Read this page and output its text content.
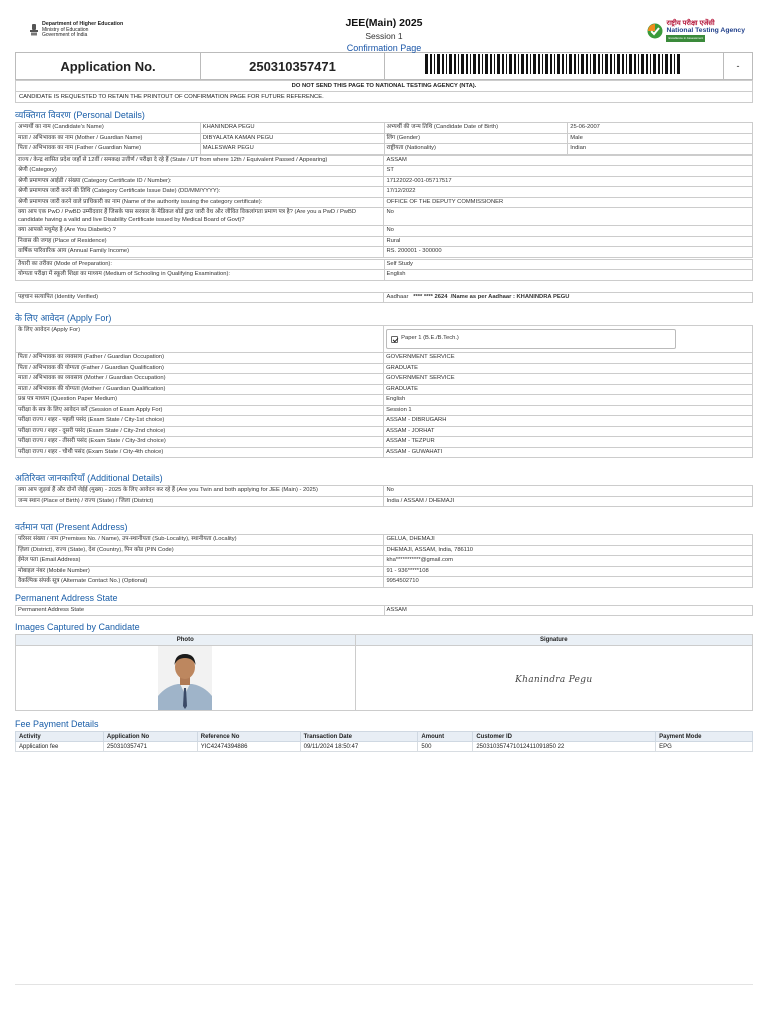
Department of Higher Education
Ministry of Education
Government of India
JEE(Main) 2025
Session 1
Confirmation Page
राष्ट्रीय परीक्षा एजेंसी
National Testing Agency
Excellence in Assessment
Application No.	250310357471		-
DO NOT SEND THIS PAGE TO NATIONAL TESTING AGENCY (NTA).
CANDIDATE IS REQUESTED TO RETAIN THE PRINTOUT OF CONFIRMATION PAGE FOR FUTURE REFERENCE.
व्यक्तिगत विवरण (Personal Details)
अभ्यर्थी का नाम (Candidate's Name)	KHANINDRA PEGU	अभ्यर्थी की जन्म तिथि (Candidate Date of Birth)	25-06-2007
माता / अभिभावक का नाम (Mother / Guardian Name)	DIBYALATA KAMAN PEGU	लिंग (Gender)	Male
पिता / अभिभावक का नाम (Father / Guardian Name)	MALESWAR PEGU	राष्ट्रीयता (Nationality)	Indian
राज्य / केन्द्र शासित प्रदेश जहाँ से 12वीं / समकक्ष उत्तीर्ण / परीक्षा दे रहे हैं (State / UT from where 12th / Equivalent Passed / Appearing)	ASSAM
श्रेणी (Category)	ST
श्रेणी प्रमाणपत्र आईडी / संख्या (Category Certificate ID / Number):	17122022-001-05717517
श्रेणी प्रमाणपत्र जारी करने की तिथि (Category Certificate Issue Date) (DD/MM/YYYY):	17/12/2022
श्रेणी प्रमाणपत्र जारी करने वाले प्राधिकारी का नाम (Name of the authority issuing the category certificate):	OFFICE OF THE DEPUTY COMMISSIONER
क्या आप एक PwD / PwBD उम्मीदवार हैं जिसके पास सरकार के मेडिकल बोर्ड द्वारा जारी वैध और जीवित विकलांगता प्रमाण पत्र है? (Are you a PwD / PwBD candidate having a valid and live Disability Certificate issued by Medical Board of Govt)?	No
क्या आपको मधुमेह है (Are You Diabetic) ?	No
निवास की जगह (Place of Residence)	Rural
वार्षिक पारिवारिक आय (Annual Family Income)	RS. 200001 - 300000
तैयारी का तरीका (Mode of Preparation):	Self Study
योग्यता परीक्षा में स्कूली शिक्षा का माध्यम (Medium of Schooling in Qualifying Examination):	English
पहचान सत्यापित (Identity Verified)	Aadhaar **** **** 2624 /Name as per Aadhaar : KHANINDRA PEGU
के लिए आवेदन (Apply For)
के लिए आवेदन (Apply For)	Paper 1 (B.E./B.Tech.)

पिता / अभिभावक का व्यवसाय (Father / Guardian Occupation)	GOVERNMENT SERVICE
पिता / अभिभावक की योग्यता (Father / Guardian Qualification)	GRADUATE
माता / अभिभावक का व्यवसाय (Mother / Guardian Occupation)	GOVERNMENT SERVICE
माता / अभिभावक की योग्यता (Mother / Guardian Qualification)	GRADUATE
प्रश्न पत्र माध्यम (Question Paper Medium)	English
परीक्षा के सत्र के लिए आवेदन करें (Session of Exam Apply For)	Session 1
परीक्षा राज्य / शहर - पहली पसंद (Exam State / City-1st choice)	ASSAM - DIBRUGARH
परीक्षा राज्य / शहर - दूसरी पसंद (Exam State / City-2nd choice)	ASSAM - JORHAT
परीक्षा राज्य / शहर - तीसरी पसंद (Exam State / City-3rd choice)	ASSAM - TEZPUR
परीक्षा राज्य / शहर - चौथी पसंद (Exam State / City-4th choice)	ASSAM - GUWAHATI
अतिरिक्त जानकारियाँ (Additional Details)
क्या आप जुड़वां हैं और दोनों जेईई (मुख्य) - 2025 के लिए आवेदन कर रहे हैं (Are you Twin and both applying for JEE (Main) - 2025)	No
जन्म स्थान (Place of Birth) / राज्य (State) / जिला (District)	India / ASSAM / DHEMAJI
वर्तमान पता (Present Address)
परिसर संख्या / नाम (Premises No. / Name), उप-स्थानीयता (Sub-Locality), स्थानीयता (Locality)	GELUA, DHEMAJI
ज़िला (District), राज्य (State), देश (Country), पिन कोड (PIN Code)	DHEMAJI, ASSAM, India, 786110
ईमेल पता (Email Address)	kha***********@gmail.com
मोबाइल नंबर (Mobile Number)	91 - 936*****108
वैकल्पिक संपर्क सूत्र (Alternate Contact No.) (Optional)	9954502710
Permanent Address State
Permanent Address State	ASSAM
Images Captured by Candidate
Photo	Signature

	Khanindra Pegu
Fee Payment Details
Activity	Application No	Reference No	Transaction Date	Amount	Customer ID	Payment Mode
Application fee	250310357471	YIC42474394886	09/11/2024 18:50:47	500	250310357471012411091850 22	EPG
